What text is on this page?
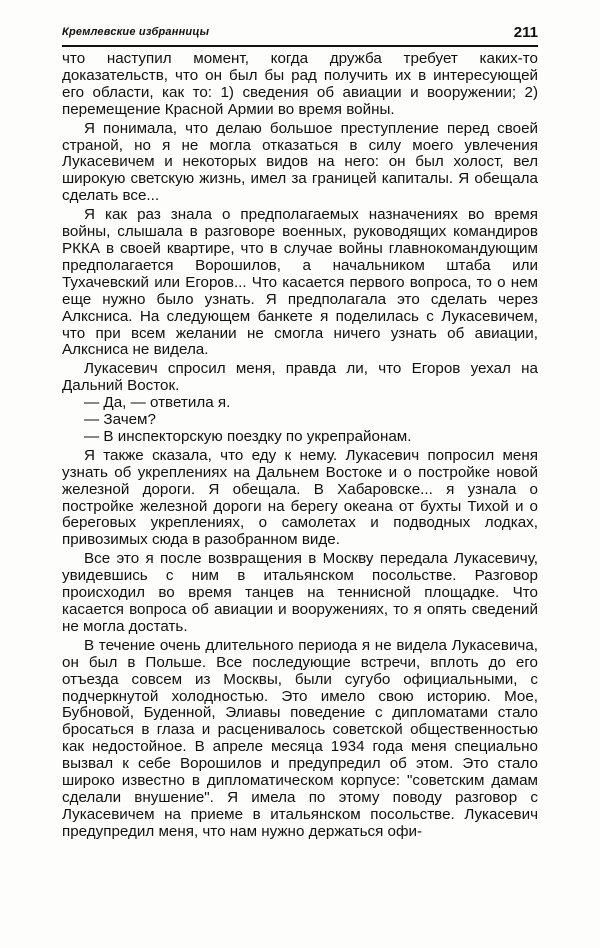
Кремлевские избранницы	211

что наступил момент, когда дружба требует каких-то доказательств, что он был бы рад получить их в интересующей его области, как то: 1) сведения об авиации и вооружении; 2) перемещение Красной Армии во время войны.

Я понимала, что делаю большое преступление перед своей страной, но я не могла отказаться в силу моего увлечения Лукасевичем и некоторых видов на него: он был холост, вел широкую светскую жизнь, имел за границей капиталы. Я обещала сделать все...

Я как раз знала о предполагаемых назначениях во время войны, слышала в разговоре военных, руководящих командиров РККА в своей квартире, что в случае войны главнокомандующим предполагается Ворошилов, а начальником штаба или Тухачевский или Егоров... Что касается первого вопроса, то о нем еще нужно было узнать. Я предполагала это сделать через Алксниса. На следующем банкете я поделилась с Лукасевичем, что при всем желании не смогла ничего узнать об авиации, Алксниса не видела.

Лукасевич спросил меня, правда ли, что Егоров уехал на Дальний Восток.

— Да, — ответила я.

— Зачем?

— В инспекторскую поездку по укрепрайонам.

Я также сказала, что еду к нему. Лукасевич попросил меня узнать об укреплениях на Дальнем Востоке и о постройке новой железной дороги. Я обещала. В Хабаровске... я узнала о постройке железной дороги на берегу океана от бухты Тихой и о береговых укреплениях, о самолетах и подводных лодках, привозимых сюда в разобранном виде.

Все это я после возвращения в Москву передала Лукасевичу, увидевшись с ним в итальянском посольстве. Разговор происходил во время танцев на теннисной площадке. Что касается вопроса об авиации и вооружениях, то я опять сведений не могла достать.

В течение очень длительного периода я не видела Лукасевича, он был в Польше. Все последующие встречи, вплоть до его отъезда совсем из Москвы, были сугубо официальными, с подчеркнутой холодностью. Это имело свою историю. Мое, Бубновой, Буденной, Элиавы поведение с дипломатами стало бросаться в глаза и расценивалось советской общественностью как недостойное. В апреле месяца 1934 года меня специально вызвал к себе Ворошилов и предупредил об этом. Это стало широко известно в дипломатическом корпусе: "советским дамам сделали внушение". Я имела по этому поводу разговор с Лукасевичем на приеме в итальянском посольстве. Лукасевич предупредил меня, что нам нужно держаться офи-
